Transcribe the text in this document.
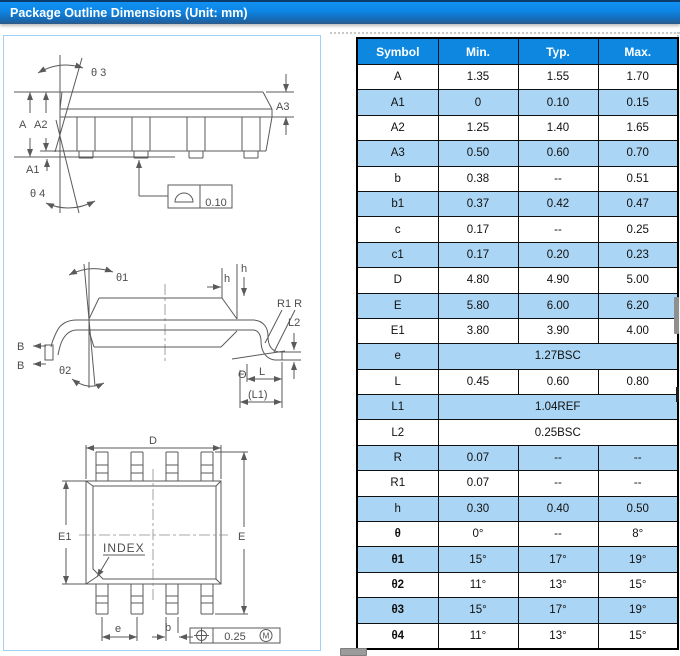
Package Outline Dimensions (Unit: mm)
θ 3
θ 4
A A2
A1
A3
0.10
B
B
θ1
θ2
h
h
R1 R
L2
Θ L
(L1)
D
E1	E
INDEX
e	b
0.25 M
Symbol	Min.	Typ.	Max.
A	1.35	1.55	1.70
A1	0	0.10	0.15
A2	1.25	1.40	1.65
A3	0.50	0.60	0.70
b	0.38	--	0.51
b1	0.37	0.42	0.47
c	0.17	--	0.25
c1	0.17	0.20	0.23
D	4.80	4.90	5.00
E	5.80	6.00	6.20
E1	3.80	3.90	4.00
e	1.27BSC		
L	0.45	0.60	0.80
L1	1.04REF		
L2	0.25BSC		
R	0.07	--	--
R1	0.07	--	--
h	0.30	0.40	0.50
θ	0°	--	8°
θ1	15°	17°	19°
θ2	11°	13°	15°
θ3	15°	17°	19°
θ4	11°	13°	15°
